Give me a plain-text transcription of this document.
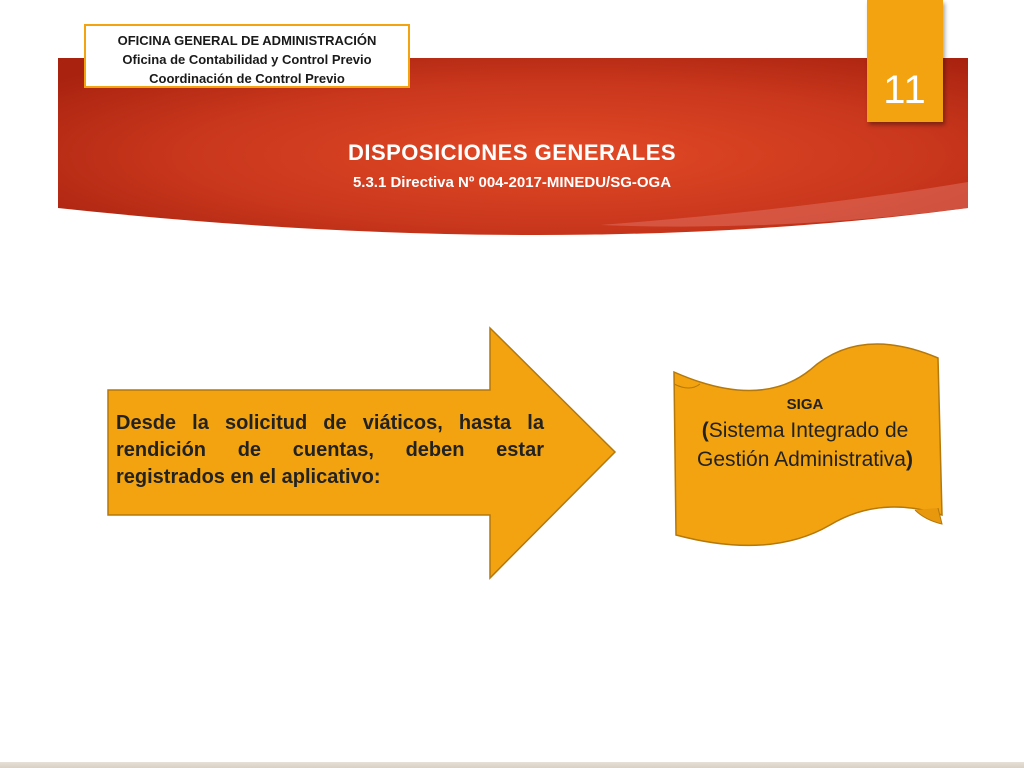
OFICINA GENERAL DE ADMINISTRACIÓN
Oficina de Contabilidad y Control Previo
Coordinación de Control Previo	11
DISPOSICIONES GENERALES
5.3.1 Directiva Nº 004-2017-MINEDU/SG-OGA
Desde la solicitud de viáticos, hasta la rendición de cuentas, deben estar registrados en el aplicativo:
SIGA
(Sistema Integrado de Gestión Administrativa)
